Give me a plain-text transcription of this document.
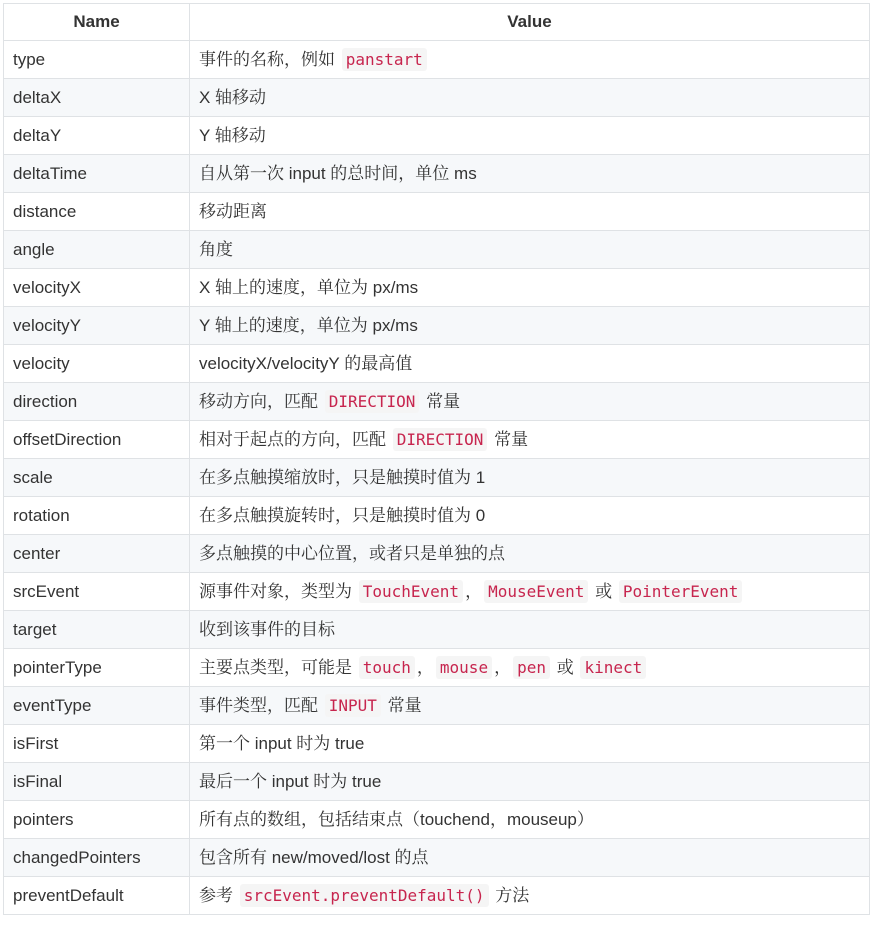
Name	Value
type	事件的名称，例如 panstart
deltaX	X 轴移动
deltaY	Y 轴移动
deltaTime	自从第一次 input 的总时间，单位 ms
distance	移动距离
angle	角度
velocityX	X 轴上的速度，单位为 px/ms
velocityY	Y 轴上的速度，单位为 px/ms
velocity	velocityX/velocityY 的最高值
direction	移动方向，匹配 DIRECTION 常量
offsetDirection	相对于起点的方向，匹配 DIRECTION 常量
scale	在多点触摸缩放时，只是触摸时值为 1
rotation	在多点触摸旋转时，只是触摸时值为 0
center	多点触摸的中心位置，或者只是单独的点
srcEvent	源事件对象，类型为 TouchEvent ， MouseEvent 或 PointerEvent
target	收到该事件的目标
pointerType	主要点类型，可能是 touch ， mouse ， pen 或 kinect
eventType	事件类型，匹配 INPUT 常量
isFirst	第一个 input 时为 true
isFinal	最后一个 input 时为 true
pointers	所有点的数组，包括结束点（touchend，mouseup）
changedPointers	包含所有 new/moved/lost 的点
preventDefault	参考 srcEvent.preventDefault() 方法
